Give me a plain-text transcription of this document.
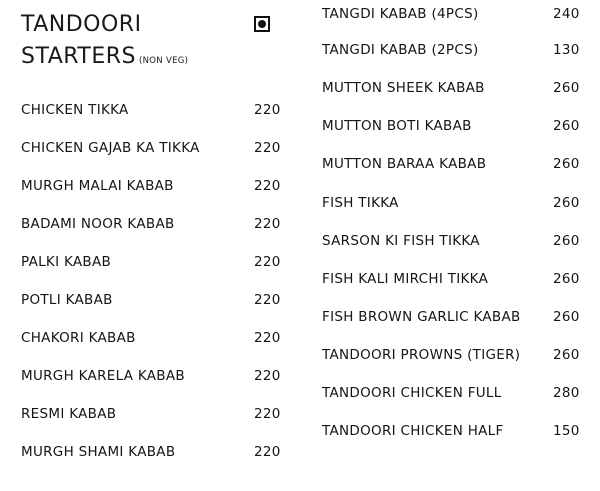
TANDOORI
STARTERS (NON VEG)
CHICKEN TIKKA	220
CHICKEN GAJAB KA TIKKA	220
MURGH MALAI KABAB	220
BADAMI NOOR KABAB	220
PALKI KABAB	220
POTLI KABAB	220
CHAKORI KABAB	220
MURGH KARELA KABAB	220
RESMI KABAB	220
MURGH SHAMI KABAB	220
TANGDI KABAB (4PCS)	240
TANGDI KABAB (2PCS)	130
MUTTON SHEEK KABAB	260
MUTTON BOTI KABAB	260
MUTTON BARAA KABAB	260
FISH TIKKA	260
SARSON KI FISH TIKKA	260
FISH KALI MIRCHI TIKKA	260
FISH BROWN GARLIC KABAB 260
TANDOORI PROWNS (TIGER) 260
TANDOORI CHICKEN FULL	280
TANDOORI CHICKEN HALF	150
